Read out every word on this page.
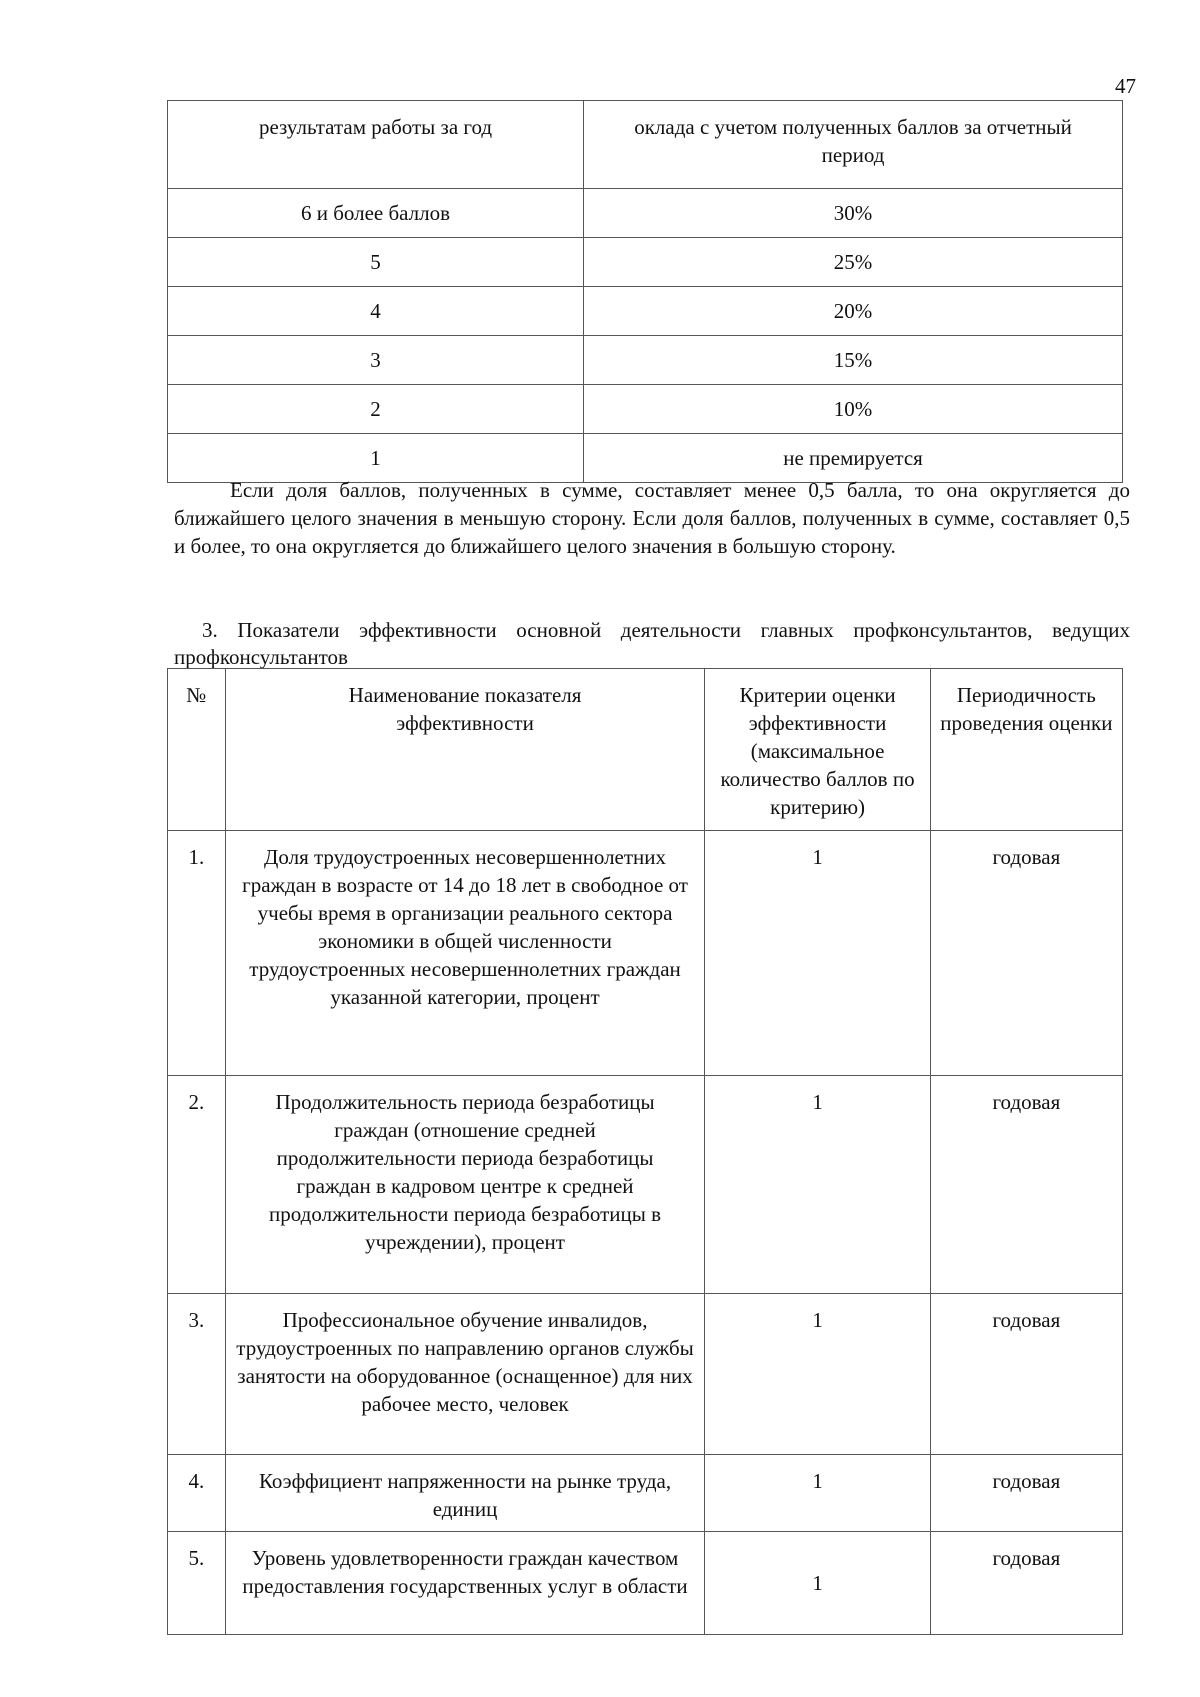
47
результатам работы за год	оклада с учетом полученных баллов за отчетный период
6 и более баллов	30%
5	25%
4	20%
3	15%
2	10%
1	не премируется

Если доля баллов, полученных в сумме, составляет менее 0,5 балла, то она округляется до ближайшего целого значения в меньшую сторону. Если доля баллов, полученных в сумме, составляет 0,5 и более, то она округляется до ближайшего целого значения в большую сторону.

3. Показатели эффективности основной деятельности главных профконсультантов, ведущих профконсультантов

№	Наименование показателя эффективности	Критерии оценки эффективности (максимальное количество баллов по критерию)	Периодичность проведения оценки
1.	Доля трудоустроенных несовершеннолетних граждан в возрасте от 14 до 18 лет в свободное от учебы время в организации реального сектора экономики в общей численности трудоустроенных несовершеннолетних граждан указанной категории, процент	1	годовая
2.	Продолжительность периода безработицы граждан (отношение средней продолжительности периода безработицы граждан в кадровом центре к средней продолжительности периода безработицы в учреждении), процент	1	годовая
3.	Профессиональное обучение инвалидов, трудоустроенных по направлению органов службы занятости на оборудованное (оснащенное) для них рабочее место, человек	1	годовая
4.	Коэффициент напряженности на рынке труда, единиц	1	годовая
5.	Уровень удовлетворенности граждан качеством предоставления государственных услуг в области	1	годовая
